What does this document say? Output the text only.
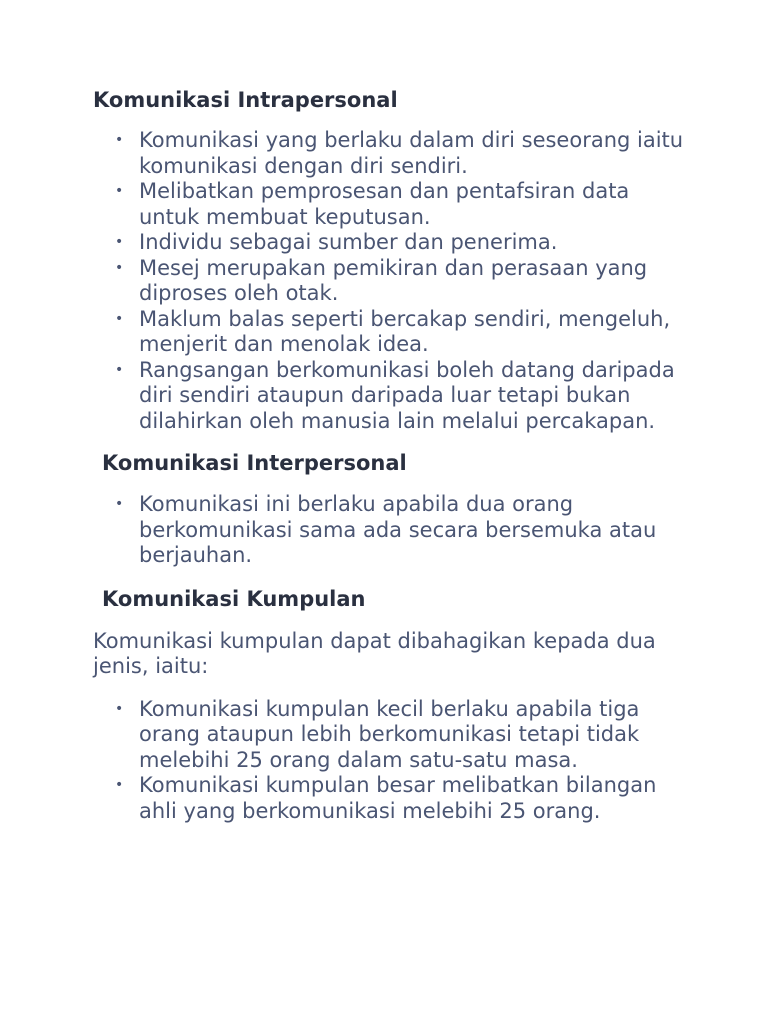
Komunikasi Intrapersonal
• Komunikasi yang berlaku dalam diri seseorang iaitu komunikasi dengan diri sendiri.
• Melibatkan pemprosesan dan pentafsiran data untuk membuat keputusan.
• Individu sebagai sumber dan penerima.
• Mesej merupakan pemikiran dan perasaan yang diproses oleh otak.
• Maklum balas seperti bercakap sendiri, mengeluh, menjerit dan menolak idea.
• Rangsangan berkomunikasi boleh datang daripada diri sendiri ataupun daripada luar tetapi bukan dilahirkan oleh manusia lain melalui percakapan.
Komunikasi Interpersonal
• Komunikasi ini berlaku apabila dua orang berkomunikasi sama ada secara bersemuka atau berjauhan.
Komunikasi Kumpulan

Komunikasi kumpulan dapat dibahagikan kepada dua jenis, iaitu:

• Komunikasi kumpulan kecil berlaku apabila tiga orang ataupun lebih berkomunikasi tetapi tidak melebihi 25 orang dalam satu-satu masa.
• Komunikasi kumpulan besar melibatkan bilangan ahli yang berkomunikasi melebihi 25 orang.
